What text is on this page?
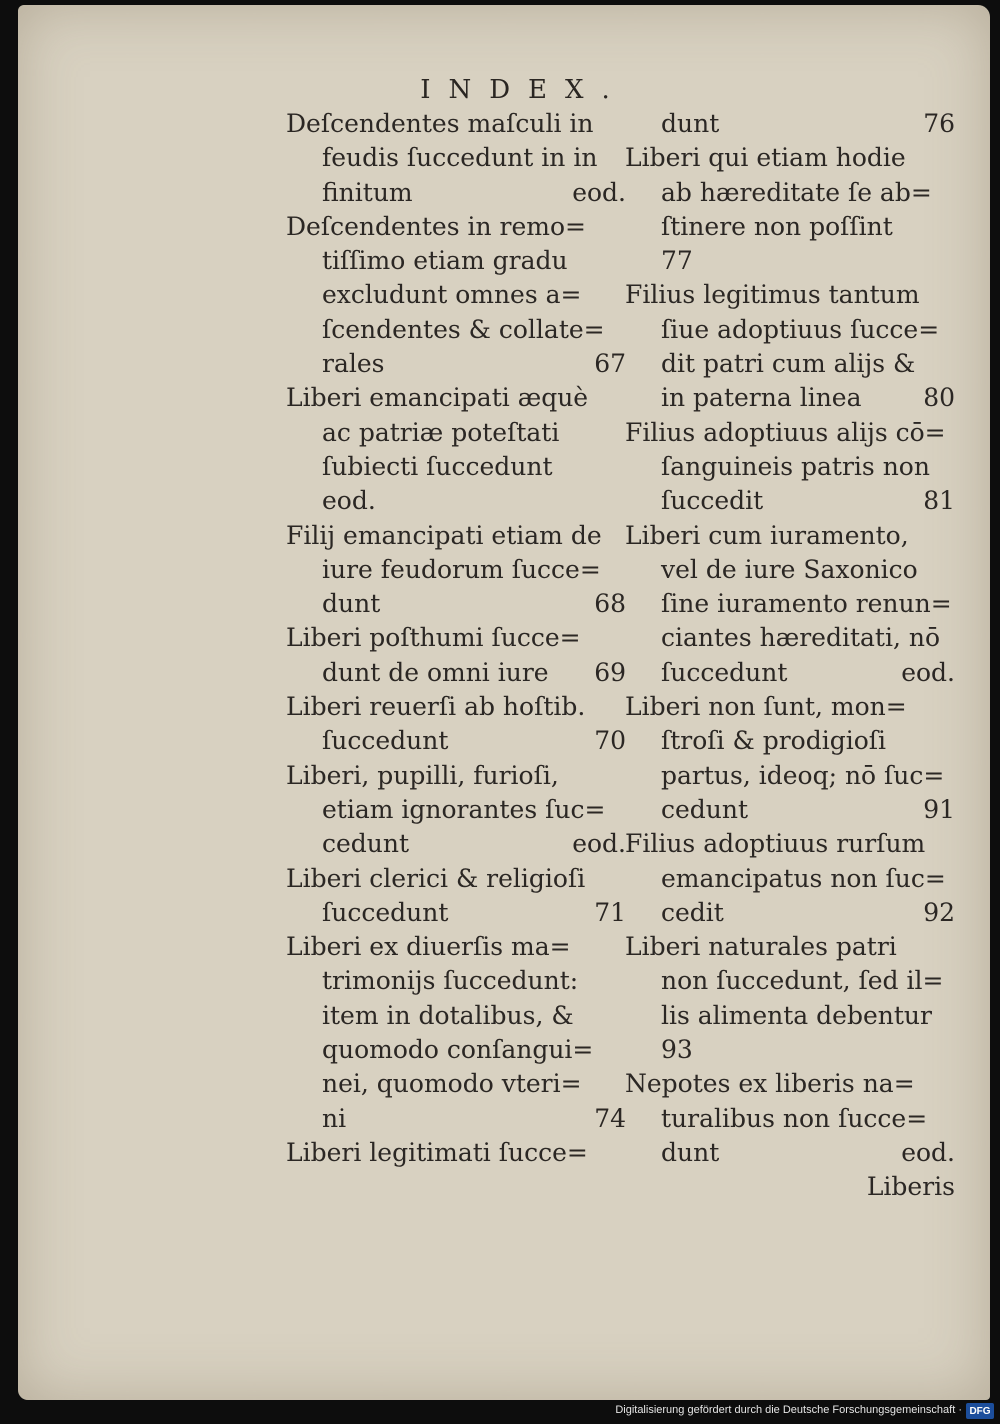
INDEX.
Deſcendentes maſculi in
feudis ſuccedunt in in
finitum	eod.
Deſcendentes in remo=
tiſſimo etiam gradu
excludunt omnes a=
ſcendentes & collate=
rales	67
Liberi emancipati æquè
ac patriæ poteſtati
ſubiecti ſuccedunt
eod.
Filij emancipati etiam de
iure feudorum ſucce=
dunt	68
Liberi poſthumi ſucce=
dunt de omni iure	69
Liberi reuerſi ab hoſtib.
ſuccedunt	70
Liberi, pupilli, furioſi,
etiam ignorantes ſuc=
cedunt	eod.
Liberi clerici & religioſi
ſuccedunt	71
Liberi ex diuerſis ma=
trimonijs ſuccedunt:
item in dotalibus, &
quomodo conſangui=
nei, quomodo vteri=
ni	74
Liberi legitimati ſucce=
dunt	76
Liberi qui etiam hodie
ab hæreditate ſe ab=
ſtinere non poſſint
77
Filius legitimus tantum
ſiue adoptiuus ſucce=
dit patri cum alijs &
in paterna linea	80
Filius adoptiuus alijs cō=
ſanguineis patris non
ſuccedit	81
Liberi cum iuramento,
vel de iure Saxonico
ſine iuramento renun=
ciantes hæreditati, nō
ſuccedunt	eod.
Liberi non ſunt, mon=
ſtroſi & prodigioſi
partus, ideoq; nō ſuc=
cedunt	91
Filius adoptiuus rurſum
emancipatus non ſuc=
cedit	92
Liberi naturales patri
non ſuccedunt, ſed il=
lis alimenta debentur
93
Nepotes ex liberis na=
turalibus non ſucce=
dunt	eod.
Liberis
Digitalisierung gefördert durch die Deutsche Forschungsgemeinschaft · DFG
